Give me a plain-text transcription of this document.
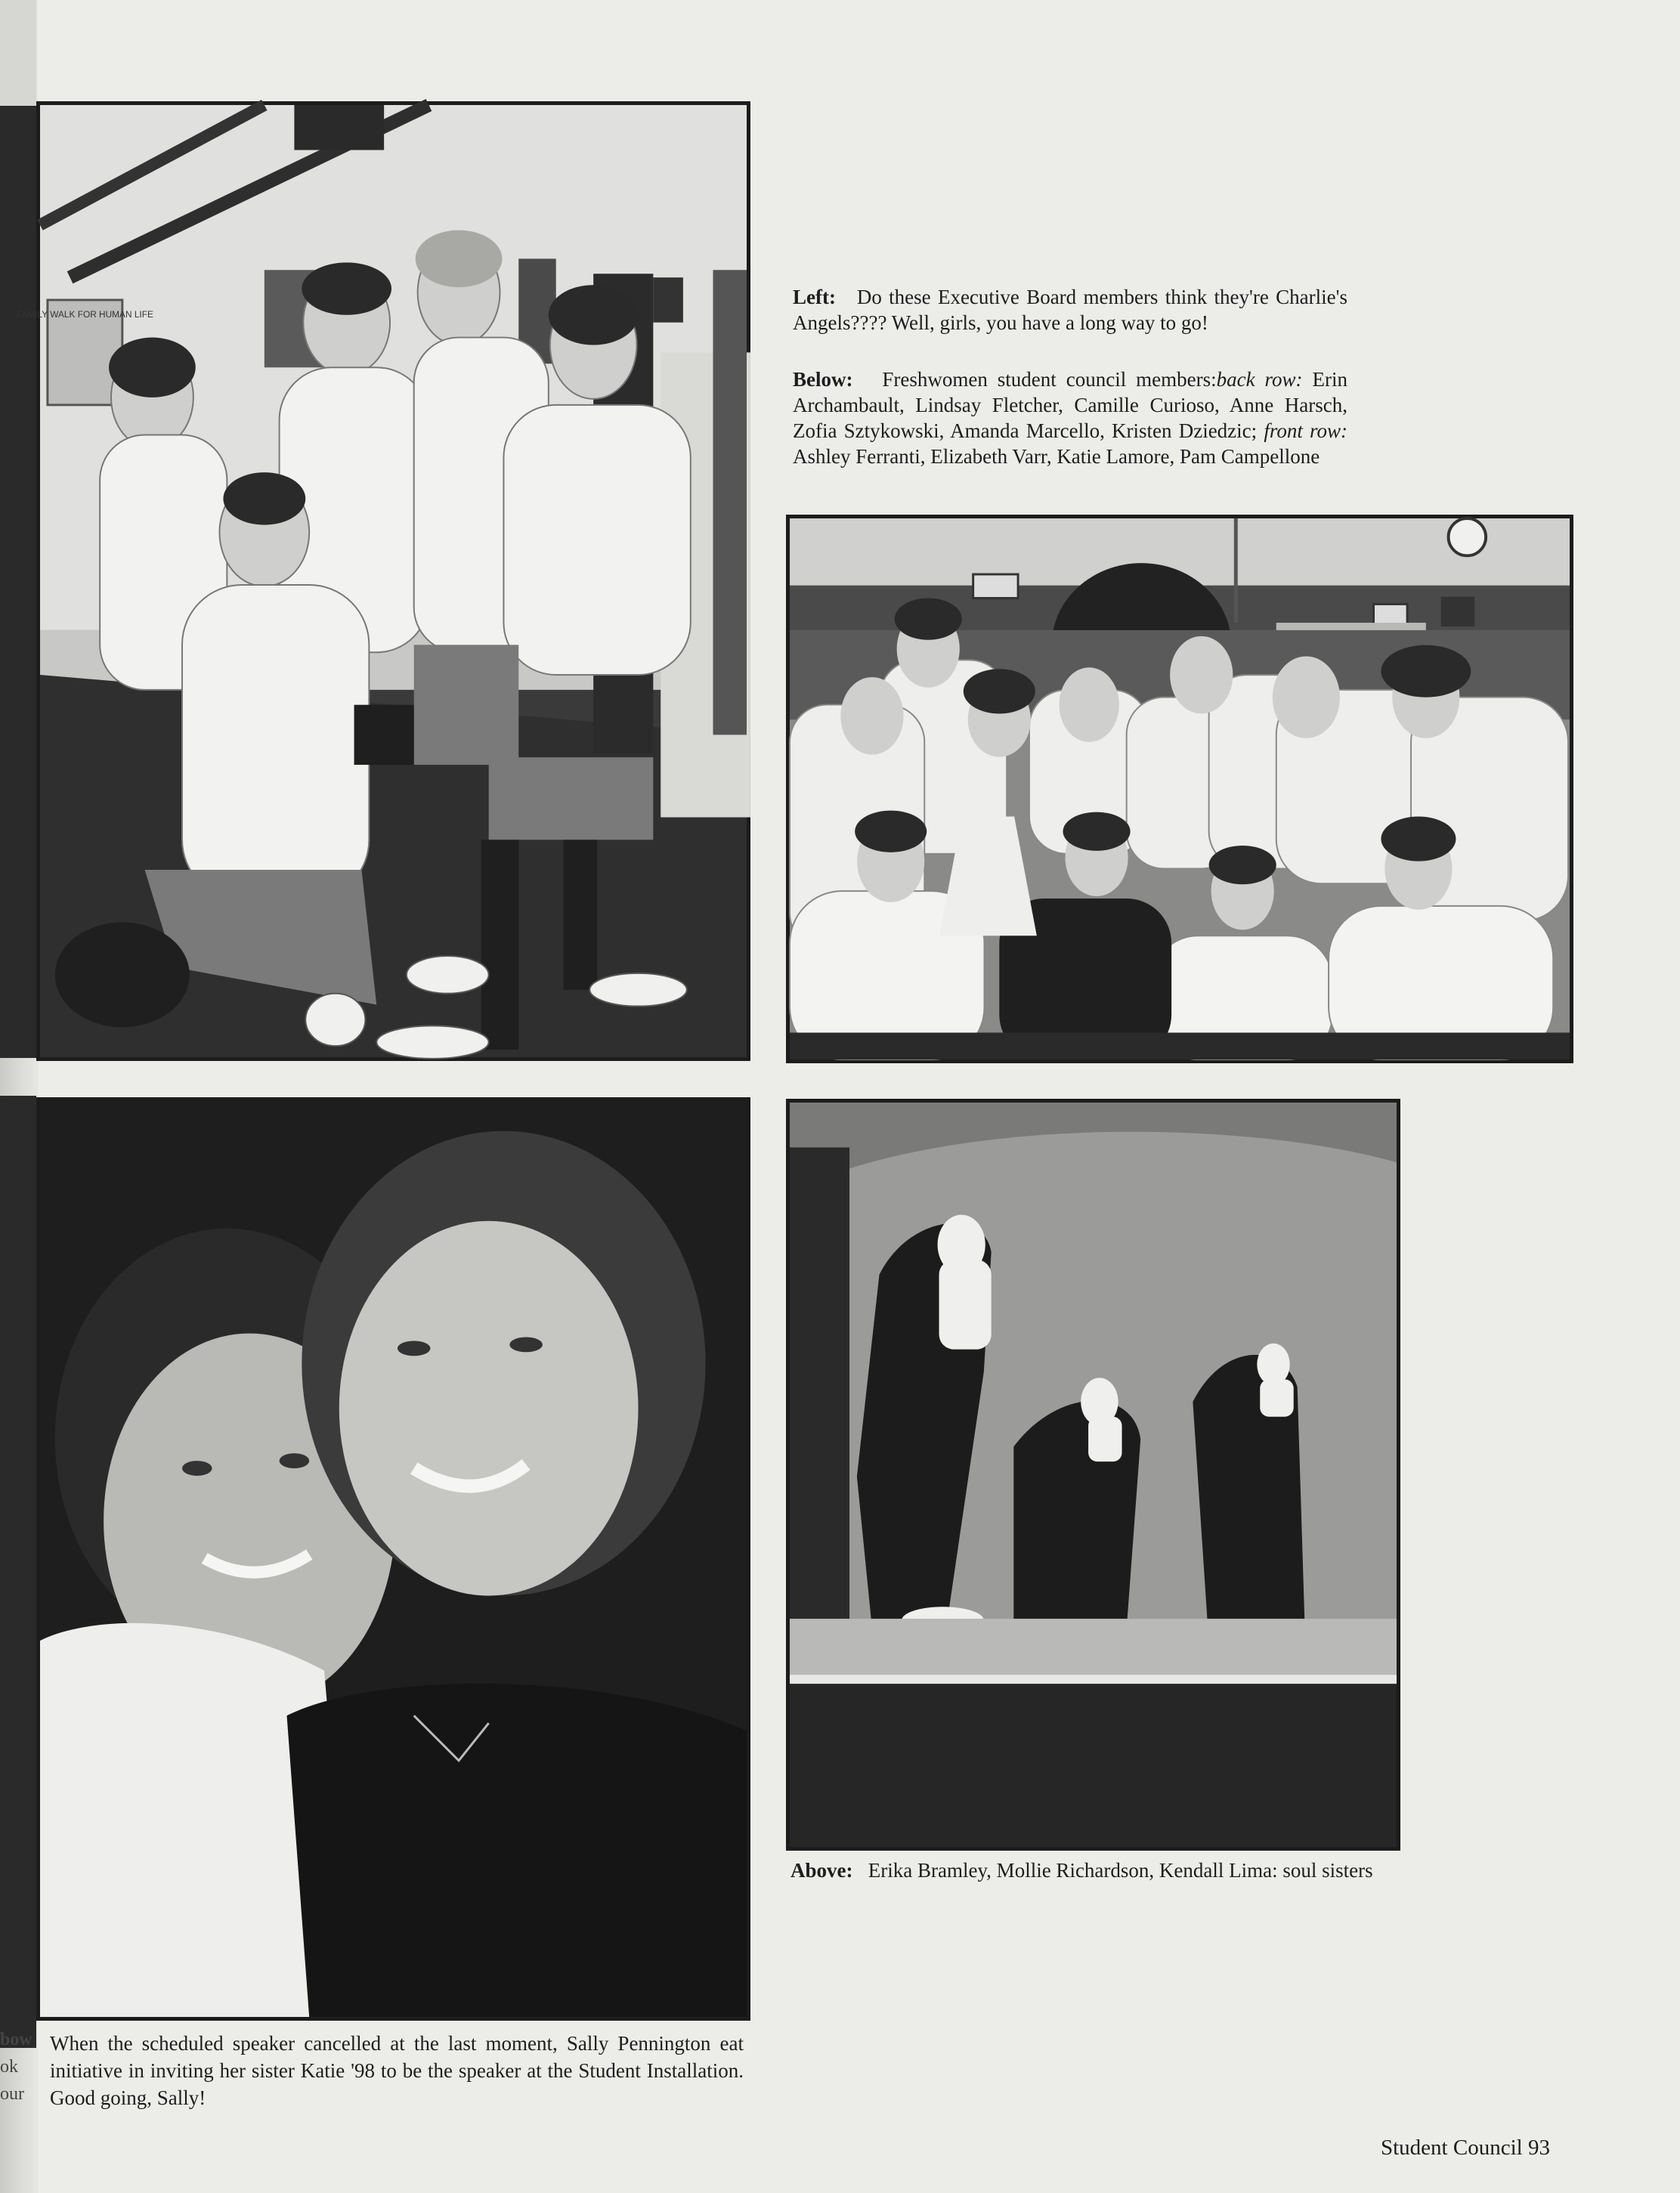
FAMILY WALK FOR HUMAN LIFE
Left: Do these Executive Board members think they're Charlie's Angels???? Well, girls, you have a long way to go!
Below: Freshwomen student council members:back row: Erin Archambault, Lindsay Fletcher, Camille Curioso, Anne Harsch, Zofia Sztykowski, Amanda Marcello, Kristen Dziedzic; front row: Ashley Ferranti, Elizabeth Varr, Katie Lamore, Pam Campellone
Above: Erika Bramley, Mollie Richardson, Kendall Lima: soul sisters
bow
ok
our
When the scheduled speaker cancelled at the last moment, Sally Pennington eat initiative in inviting her sister Katie '98 to be the speaker at the Student Installation. Good going, Sally!
Student Council 93
